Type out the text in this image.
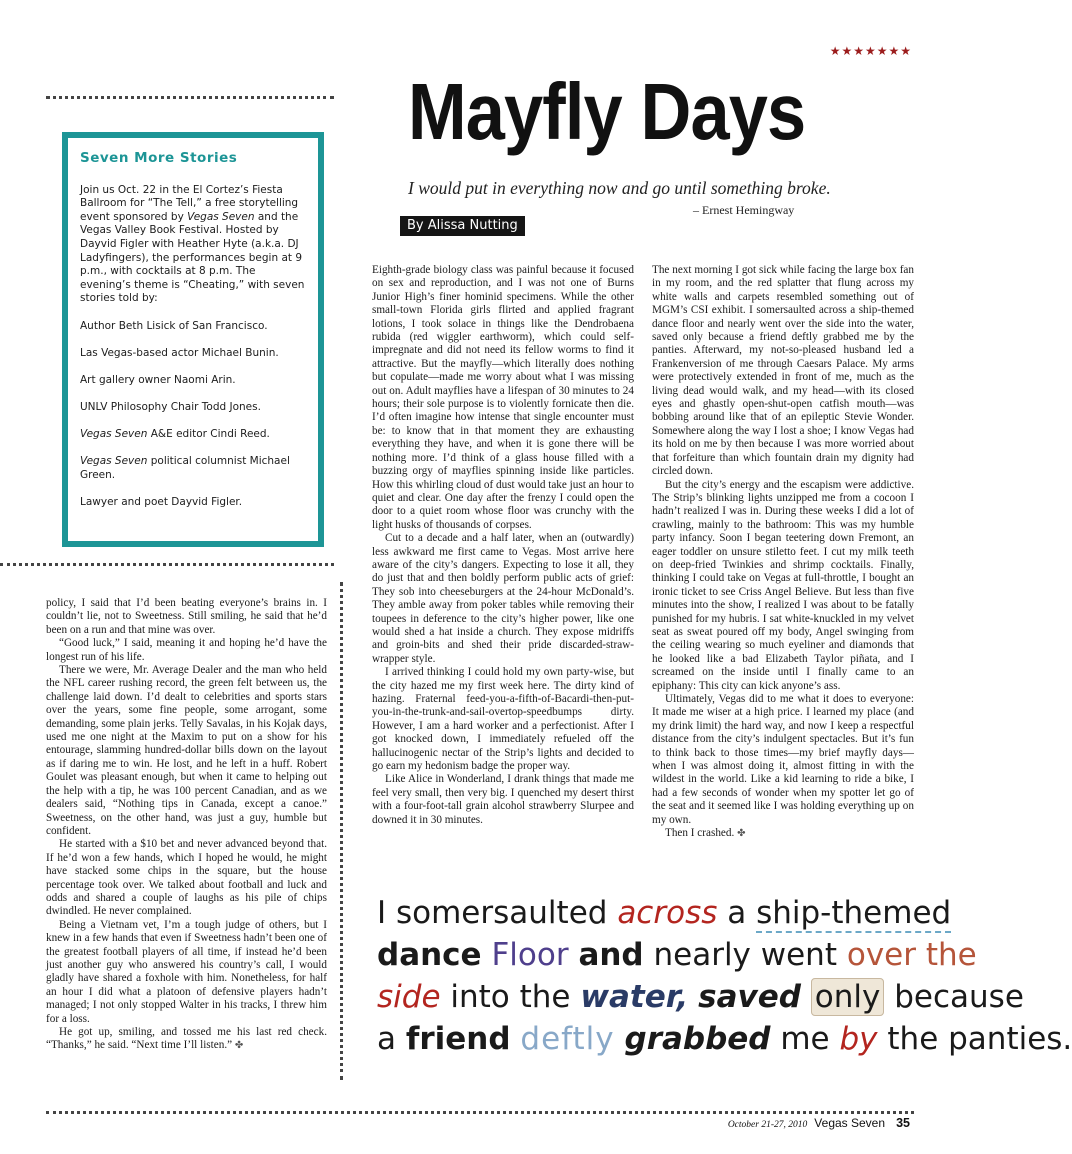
★★★★★★★
Mayfly Days
I would put in everything now and go until something broke.
– Ernest Hemingway
By Alissa Nutting
Seven More Stories
Join us Oct. 22 in the El Cortez’s Fiesta Ballroom for “The Tell,” a free storytelling event sponsored by Vegas Seven and the Vegas Valley Book Festival. Hosted by Dayvid Figler with Heather Hyte (a.k.a. DJ Ladyfingers), the performances begin at 9 p.m., with cocktails at 8 p.m. The evening’s theme is “Cheating,” with seven stories told by:
Author Beth Lisick of San Francisco.
Las Vegas-based actor Michael Bunin.
Art gallery owner Naomi Arin.
UNLV Philosophy Chair Todd Jones.
Vegas Seven A&E editor Cindi Reed.
Vegas Seven political columnist Michael Green.
Lawyer and poet Dayvid Figler.

policy, I said that I’d been beating everyone’s brains in. I couldn’t lie, not to Sweetness. Still smiling, he said that he’d been on a run and that mine was over.

“Good luck,” I said, meaning it and hoping he’d have the longest run of his life.

There we were, Mr. Average Dealer and the man who held the NFL career rushing record, the green felt between us, the challenge laid down. I’d dealt to celebrities and sports stars over the years, some fine people, some arrogant, some demanding, some plain jerks. Telly Savalas, in his Kojak days, used me one night at the Maxim to put on a show for his entourage, slamming hundred-dollar bills down on the layout as if daring me to win. He lost, and he left in a huff. Robert Goulet was pleasant enough, but when it came to helping out the help with a tip, he was 100 percent Canadian, and as we dealers said, “Nothing tips in Canada, except a canoe.” Sweetness, on the other hand, was just a guy, humble but confident.

He started with a $10 bet and never advanced beyond that. If he’d won a few hands, which I hoped he would, he might have stacked some chips in the square, but the house percentage took over. We talked about football and luck and odds and shared a couple of laughs as his pile of chips dwindled. He never complained.

Being a Vietnam vet, I’m a tough judge of others, but I knew in a few hands that even if Sweetness hadn’t been one of the greatest football players of all time, if instead he’d been just another guy who answered his country’s call, I would gladly have shared a foxhole with him. Nonetheless, for half an hour I did what a platoon of defensive players hadn’t managed; I not only stopped Walter in his tracks, I threw him for a loss.

He got up, smiling, and tossed me his last red check. “Thanks,” he said. “Next time I’ll listen.” ✤

Eighth-grade biology class was painful because it focused on sex and reproduction, and I was not one of Burns Junior High’s finer hominid specimens. While the other small-town Florida girls flirted and applied fragrant lotions, I took solace in things like the Dendrobaena rubida (red wiggler earthworm), which could self-impregnate and did not need its fellow worms to find it attractive. But the mayfly—which literally does nothing but copulate—made me worry about what I was missing out on. Adult mayflies have a lifespan of 30 minutes to 24 hours; their sole purpose is to violently fornicate then die. I’d often imagine how intense that single encounter must be: to know that in that moment they are exhausting everything they have, and when it is gone there will be nothing more. I’d think of a glass house filled with a buzzing orgy of mayflies spinning inside like particles. How this whirling cloud of dust would take just an hour to quiet and clear. One day after the frenzy I could open the door to a quiet room whose floor was crunchy with the light husks of thousands of corpses.

Cut to a decade and a half later, when an (outwardly) less awkward me first came to Vegas. Most arrive here aware of the city’s dangers. Expecting to lose it all, they do just that and then boldly perform public acts of grief: They sob into cheeseburgers at the 24-hour McDonald’s. They amble away from poker tables while removing their toupees in deference to the city’s higher power, like one would shed a hat inside a church. They expose midriffs and groin-bits and shed their pride discarded-straw-wrapper style.

I arrived thinking I could hold my own party-wise, but the city hazed me my first week here. The dirty kind of hazing. Fraternal feed-you-a-fifth-of-Bacardi-then-put-you-in-the-trunk-and-sail-overtop-speedbumps dirty. However, I am a hard worker and a perfectionist. After I got knocked down, I immediately refueled off the hallucinogenic nectar of the Strip’s lights and decided to go earn my hedonism badge the proper way.

Like Alice in Wonderland, I drank things that made me feel very small, then very big. I quenched my desert thirst with a four-foot-tall grain alcohol strawberry Slurpee and downed it in 30 minutes.

The next morning I got sick while facing the large box fan in my room, and the red splatter that flung across my white walls and carpets resembled something out of MGM’s CSI exhibit. I somersaulted across a ship-themed dance floor and nearly went over the side into the water, saved only because a friend deftly grabbed me by the panties. Afterward, my not-so-pleased husband led a Frankenversion of me through Caesars Palace. My arms were protectively extended in front of me, much as the living dead would walk, and my head—with its closed eyes and ghastly open-shut-open catfish mouth—was bobbing around like that of an epileptic Stevie Wonder. Somewhere along the way I lost a shoe; I know Vegas had its hold on me by then because I was more worried about that forfeiture than which fountain drain my dignity had circled down.

But the city’s energy and the escapism were addictive. The Strip’s blinking lights unzipped me from a cocoon I hadn’t realized I was in. During these weeks I did a lot of crawling, mainly to the bathroom: This was my humble party infancy. Soon I began teetering down Fremont, an eager toddler on unsure stiletto feet. I cut my milk teeth on deep-fried Twinkies and shrimp cocktails. Finally, thinking I could take on Vegas at full-throttle, I bought an ironic ticket to see Criss Angel Believe. But less than five minutes into the show, I realized I was about to be fatally punished for my hubris. I sat white-knuckled in my velvet seat as sweat poured off my body, Angel swinging from the ceiling wearing so much eyeliner and diamonds that he looked like a bad Elizabeth Taylor piñata, and I screamed on the inside until I finally came to an epiphany: This city can kick anyone’s ass.

Ultimately, Vegas did to me what it does to everyone: It made me wiser at a high price. I learned my place (and my drink limit) the hard way, and now I keep a respectful distance from the city’s indulgent spectacles. But it’s fun to think back to those times—my brief mayfly days—when I was almost doing it, almost fitting in with the wildest in the world. Like a kid learning to ride a bike, I had a few seconds of wonder when my spotter let go of the seat and it seemed like I was holding everything up on my own.

Then I crashed. ✤

I somersaulted across a ship-themed
dance Floor and nearly went over the
side into the water, saved only because
a friend deftly grabbed me by the panties.
October 21-27, 2010 Vegas Seven 35
